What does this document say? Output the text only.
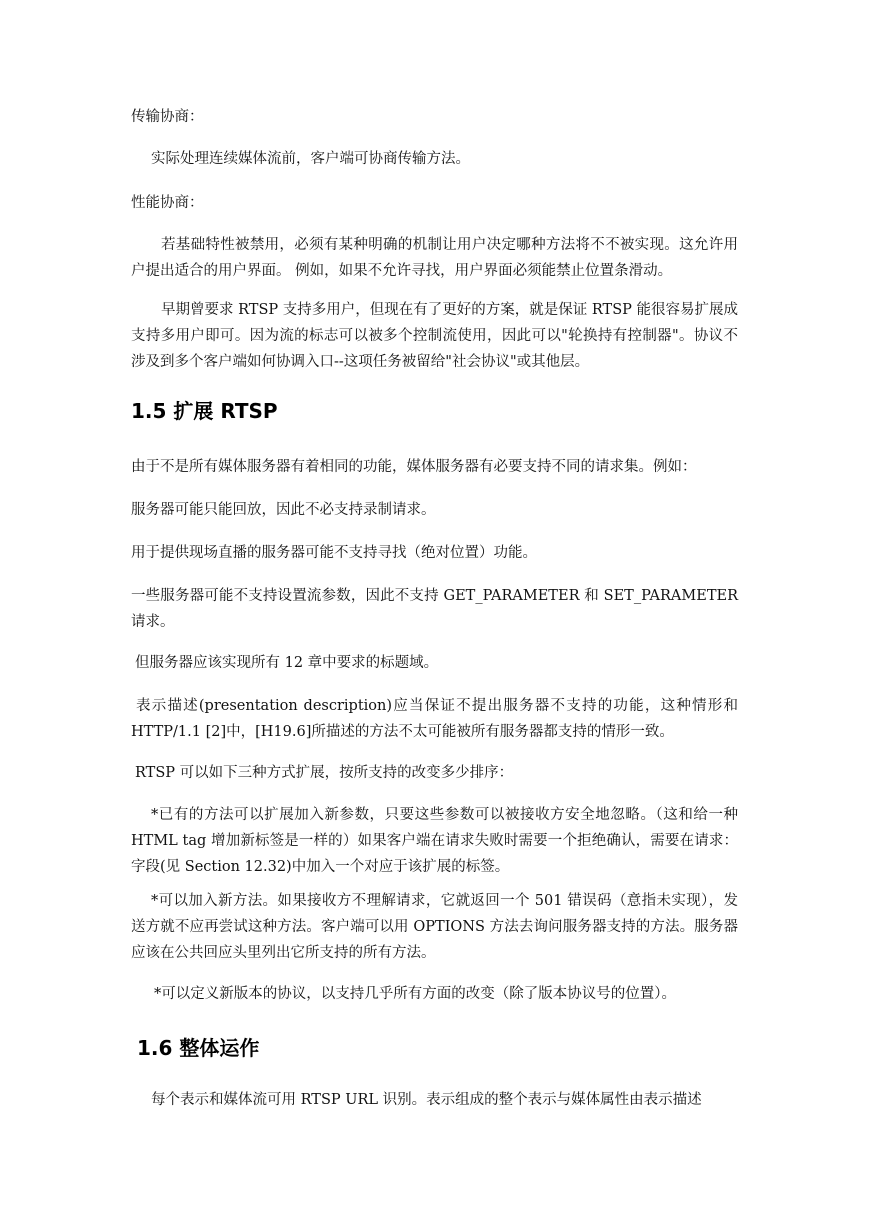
传输协商：

实际处理连续媒体流前，客户端可协商传输方法。

性能协商：

若基础特性被禁用，必须有某种明确的机制让用户决定哪种方法将不不被实现。这允许用户提出适合的用户界面。 例如，如果不允许寻找，用户界面必须能禁止位置条滑动。

早期曾要求 RTSP 支持多用户，但现在有了更好的方案，就是保证 RTSP 能很容易扩展成支持多用户即可。因为流的标志可以被多个控制流使用，因此可以"轮换持有控制器"。协议不涉及到多个客户端如何协调入口--这项任务被留给"社会协议"或其他层。

1.5 扩展 RTSP

由于不是所有媒体服务器有着相同的功能，媒体服务器有必要支持不同的请求集。例如：

服务器可能只能回放，因此不必支持录制请求。

用于提供现场直播的服务器可能不支持寻找（绝对位置）功能。

一些服务器可能不支持设置流参数，因此不支持 GET_PARAMETER 和 SET_PARAMETER 请求。

但服务器应该实现所有 12 章中要求的标题域。

表示描述(presentation description)应当保证不提出服务器不支持的功能，这种情形和HTTP/1.1 [2]中，[H19.6]所描述的方法不太可能被所有服务器都支持的情形一致。

RTSP 可以如下三种方式扩展，按所支持的改变多少排序：

*已有的方法可以扩展加入新参数，只要这些参数可以被接收方安全地忽略。（这和给一种 HTML tag 增加新标签是一样的）如果客户端在请求失败时需要一个拒绝确认，需要在请求：字段(见 Section 12.32)中加入一个对应于该扩展的标签。

*可以加入新方法。如果接收方不理解请求，它就返回一个 501 错误码（意指未实现），发送方就不应再尝试这种方法。客户端可以用 OPTIONS 方法去询问服务器支持的方法。服务器应该在公共回应头里列出它所支持的所有方法。

*可以定义新版本的协议，以支持几乎所有方面的改变（除了版本协议号的位置）。

1.6 整体运作

每个表示和媒体流可用 RTSP URL 识别。表示组成的整个表示与媒体属性由表示描述
